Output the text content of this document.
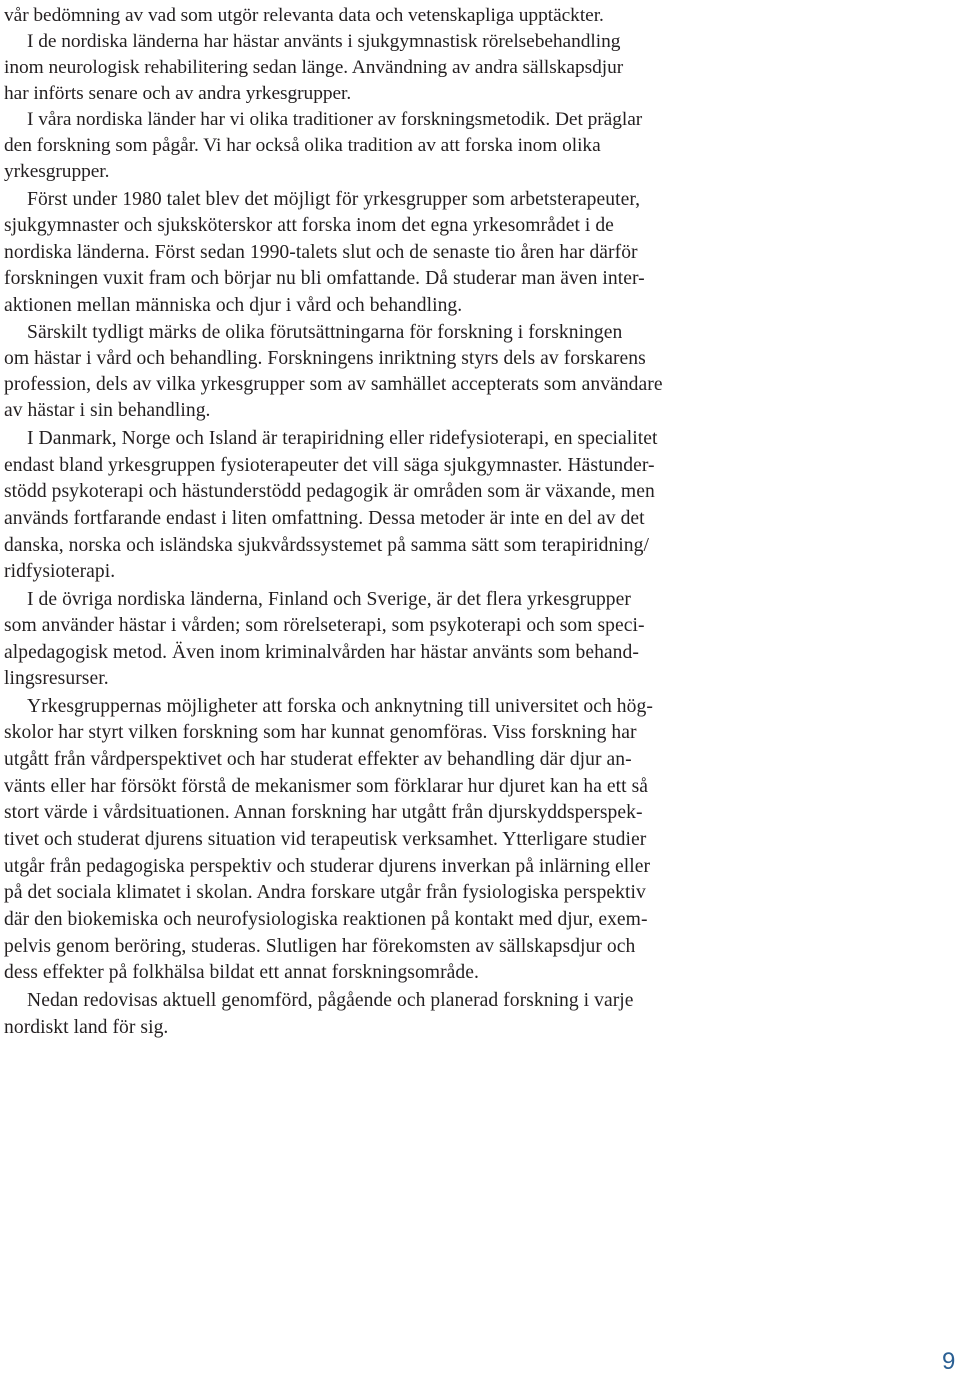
vår bedömning av vad som utgör relevanta data och vetenskapliga upptäckter.
I de nordiska länderna har hästar använts i sjukgymnastisk rörelsebehandling
inom neurologisk rehabilitering sedan länge. Användning av andra sällskapsdjur
har införts senare och av andra yrkesgrupper.
I våra nordiska länder har vi olika traditioner av forskningsmetodik. Det präglar
den forskning som pågår. Vi har också olika tradition av att forska inom olika
yrkesgrupper.
Först under 1980 talet blev det möjligt för yrkesgrupper som arbetsterapeuter,
sjukgymnaster och sjuksköterskor att forska inom det egna yrkesområdet i de
nordiska länderna. Först sedan 1990-talets slut och de senaste tio åren har därför
forskningen vuxit fram och börjar nu bli omfattande. Då studerar man även inter-
aktionen mellan människa och djur i vård och behandling.
Särskilt tydligt märks de olika förutsättningarna för forskning i forskningen
om hästar i vård och behandling. Forskningens inriktning styrs dels av forskarens
profession, dels av vilka yrkesgrupper som av samhället accepterats som användare
av hästar i sin behandling.
I Danmark, Norge och Island är terapiridning eller ridefysioterapi, en specialitet
endast bland yrkesgruppen fysioterapeuter det vill säga sjukgymnaster. Hästunder-
stödd psykoterapi och hästunderstödd pedagogik är områden som är växande, men
används fortfarande endast i liten omfattning. Dessa metoder är inte en del av det
danska, norska och isländska sjukvårdssystemet på samma sätt som terapiridning/
ridfysioterapi.
I de övriga nordiska länderna, Finland och Sverige, är det flera yrkesgrupper
som använder hästar i vården; som rörelseterapi, som psykoterapi och som speci-
alpedagogisk metod. Även inom kriminalvården har hästar använts som behand-
lingsresurser.
Yrkesgruppernas möjligheter att forska och anknytning till universitet och hög-
skolor har styrt vilken forskning som har kunnat genomföras. Viss forskning har
utgått från vårdperspektivet och har studerat effekter av behandling där djur an-
vänts eller har försökt förstå de mekanismer som förklarar hur djuret kan ha ett så
stort värde i vårdsituationen. Annan forskning har utgått från djurskyddsperspek-
tivet och studerat djurens situation vid terapeutisk verksamhet. Ytterligare studier
utgår från pedagogiska perspektiv och studerar djurens inverkan på inlärning eller
på det sociala klimatet i skolan. Andra forskare utgår från fysiologiska perspektiv
där den biokemiska och neurofysiologiska reaktionen på kontakt med djur, exem-
pelvis genom beröring, studeras. Slutligen har förekomsten av sällskapsdjur och
dess effekter på folkhälsa bildat ett annat forskningsområde.
Nedan redovisas aktuell genomförd, pågående och planerad forskning i varje
nordiskt land för sig.
9
